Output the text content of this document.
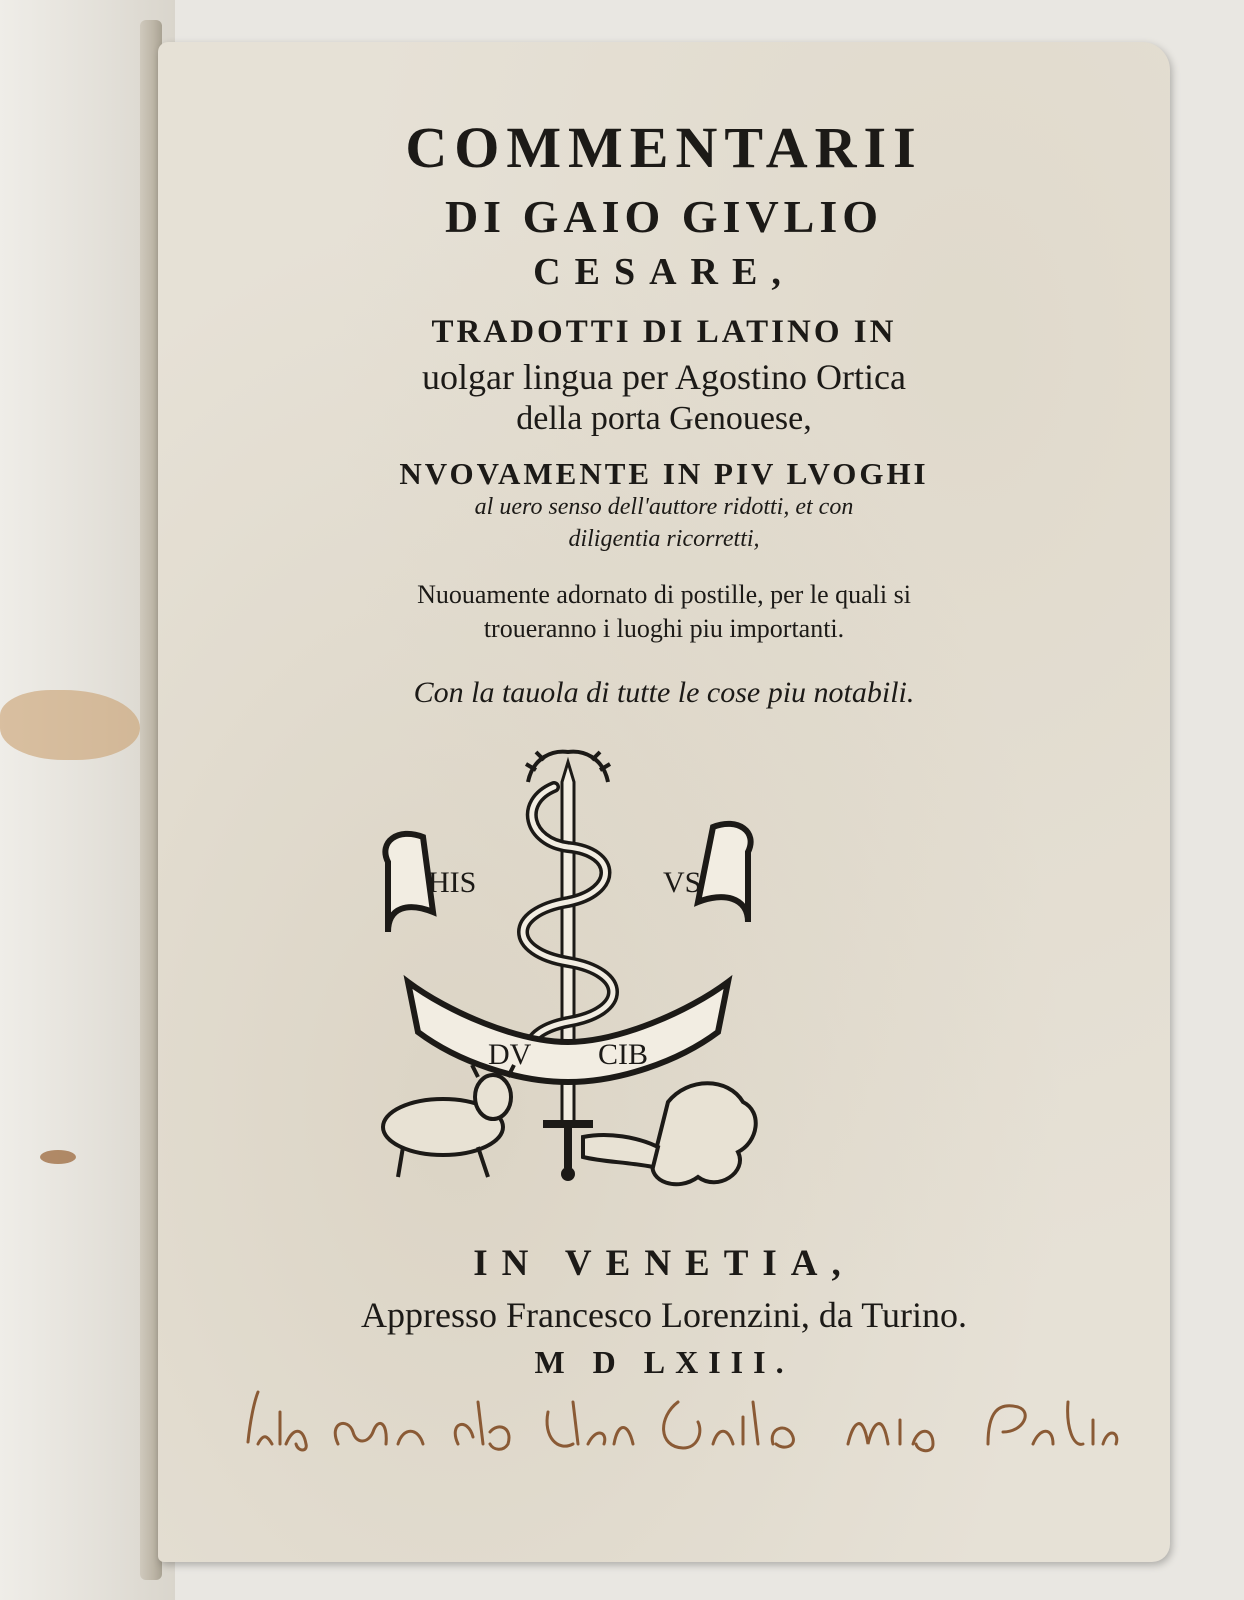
COMMENTARII
DI GAIO GIVLIO
CESARE,
TRADOTTI DI LATINO IN
uolgar lingua per Agostino Ortica
della porta Genouese,
NVOVAMENTE IN PIV LVOGHI
al uero senso dell'auttore ridotti, et con
diligentia ricorretti,
Nuouamente adornato di postille, per le quali si
troueranno i luoghi piu importanti.
Con la tauola di tutte le cose piu notabili.
HIS	VS
DV CIB
IN VENETIA,
Appresso Francesco Lorenzini, da Turino.
M D LXIII.
